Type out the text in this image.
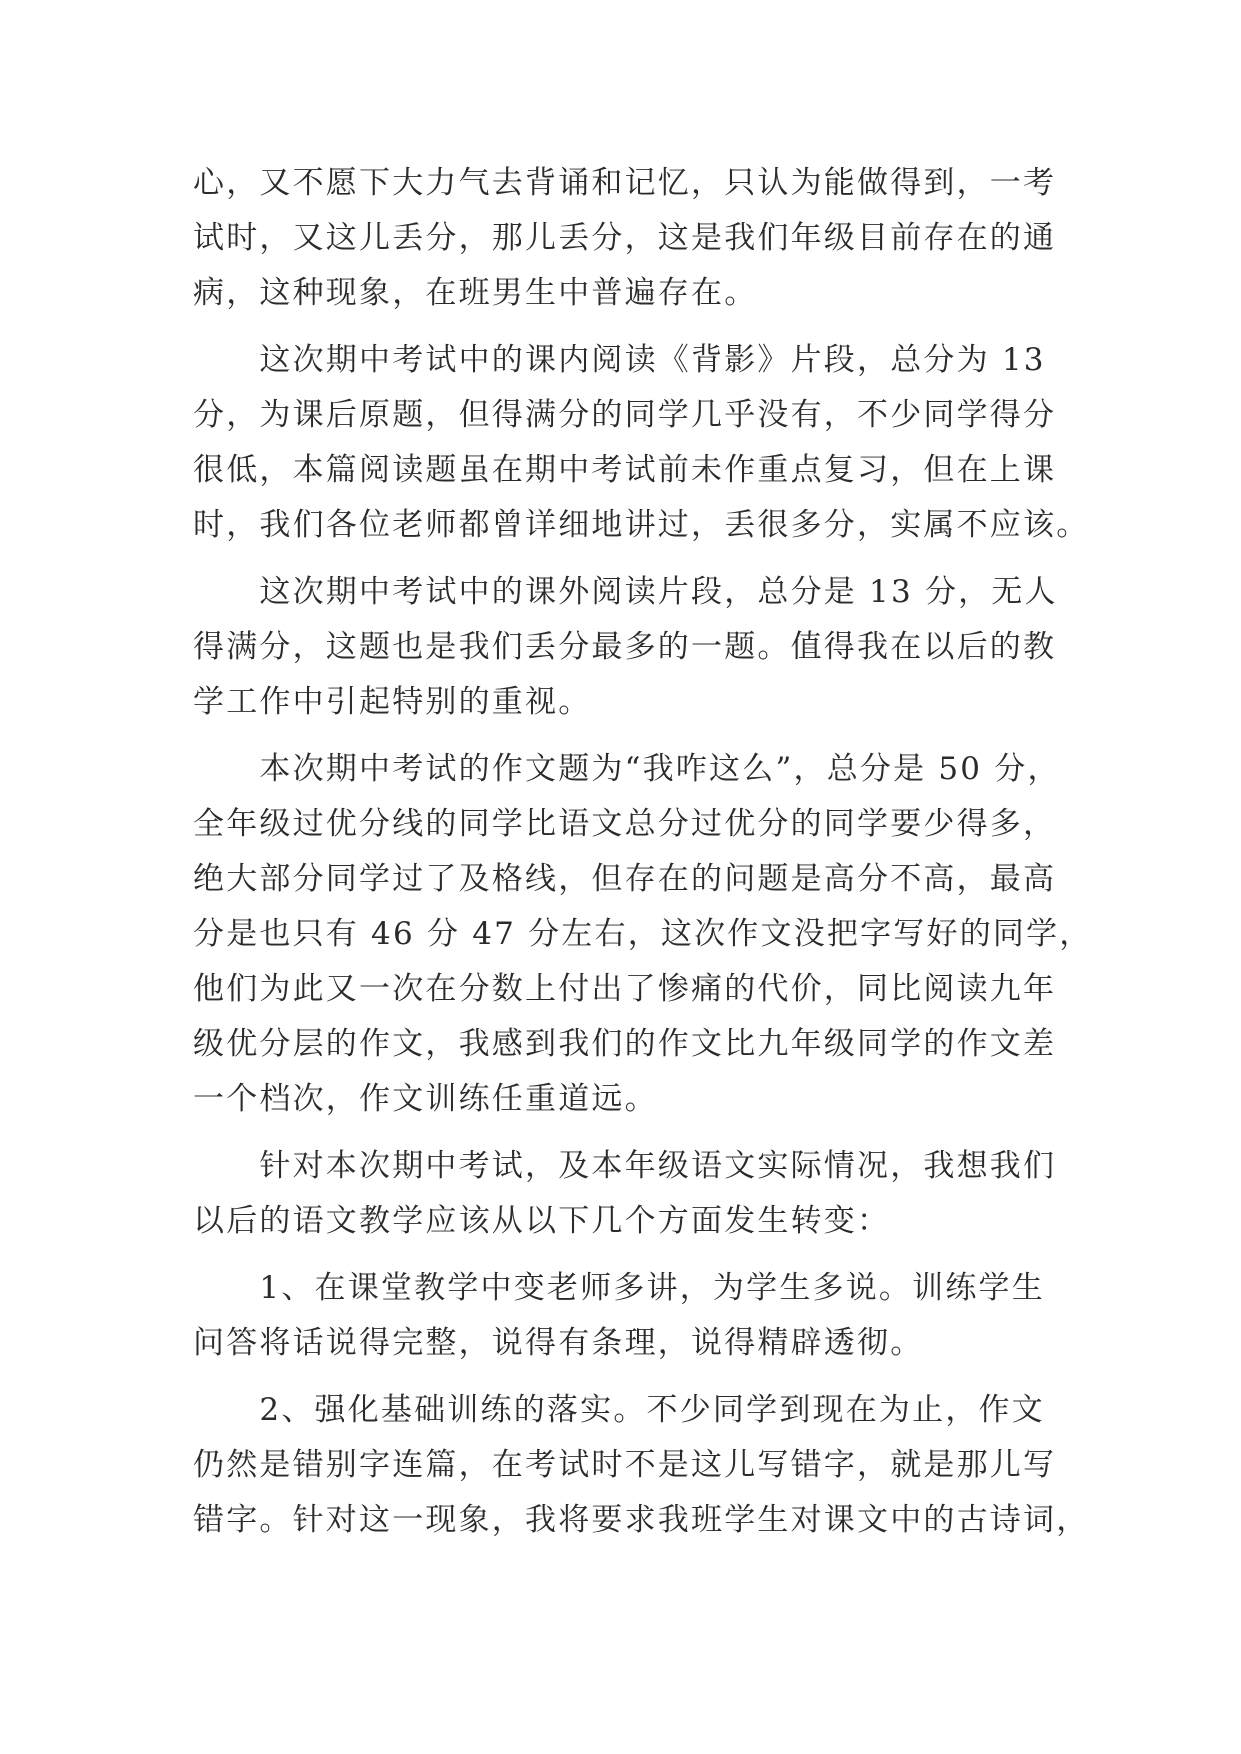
心，又不愿下大力气去背诵和记忆，只认为能做得到，一考
试时，又这儿丢分，那儿丢分，这是我们年级目前存在的通
病，这种现象，在班男生中普遍存在。
　　这次期中考试中的课内阅读《背影》片段，总分为 13
分，为课后原题，但得满分的同学几乎没有，不少同学得分
很低，本篇阅读题虽在期中考试前未作重点复习，但在上课
时，我们各位老师都曾详细地讲过，丢很多分，实属不应该。
　　这次期中考试中的课外阅读片段，总分是 13 分，无人
得满分，这题也是我们丢分最多的一题。值得我在以后的教
学工作中引起特别的重视。
　　本次期中考试的作文题为“我咋这么”，总分是 50 分，
全年级过优分线的同学比语文总分过优分的同学要少得多，
绝大部分同学过了及格线，但存在的问题是高分不高，最高
分是也只有 46 分 47 分左右，这次作文没把字写好的同学，
他们为此又一次在分数上付出了惨痛的代价，同比阅读九年
级优分层的作文，我感到我们的作文比九年级同学的作文差
一个档次，作文训练任重道远。
　　针对本次期中考试，及本年级语文实际情况，我想我们
以后的语文教学应该从以下几个方面发生转变：
　　1、在课堂教学中变老师多讲，为学生多说。训练学生
问答将话说得完整，说得有条理，说得精辟透彻。
　　2、强化基础训练的落实。不少同学到现在为止，作文
仍然是错别字连篇，在考试时不是这儿写错字，就是那儿写
错字。针对这一现象，我将要求我班学生对课文中的古诗词，
